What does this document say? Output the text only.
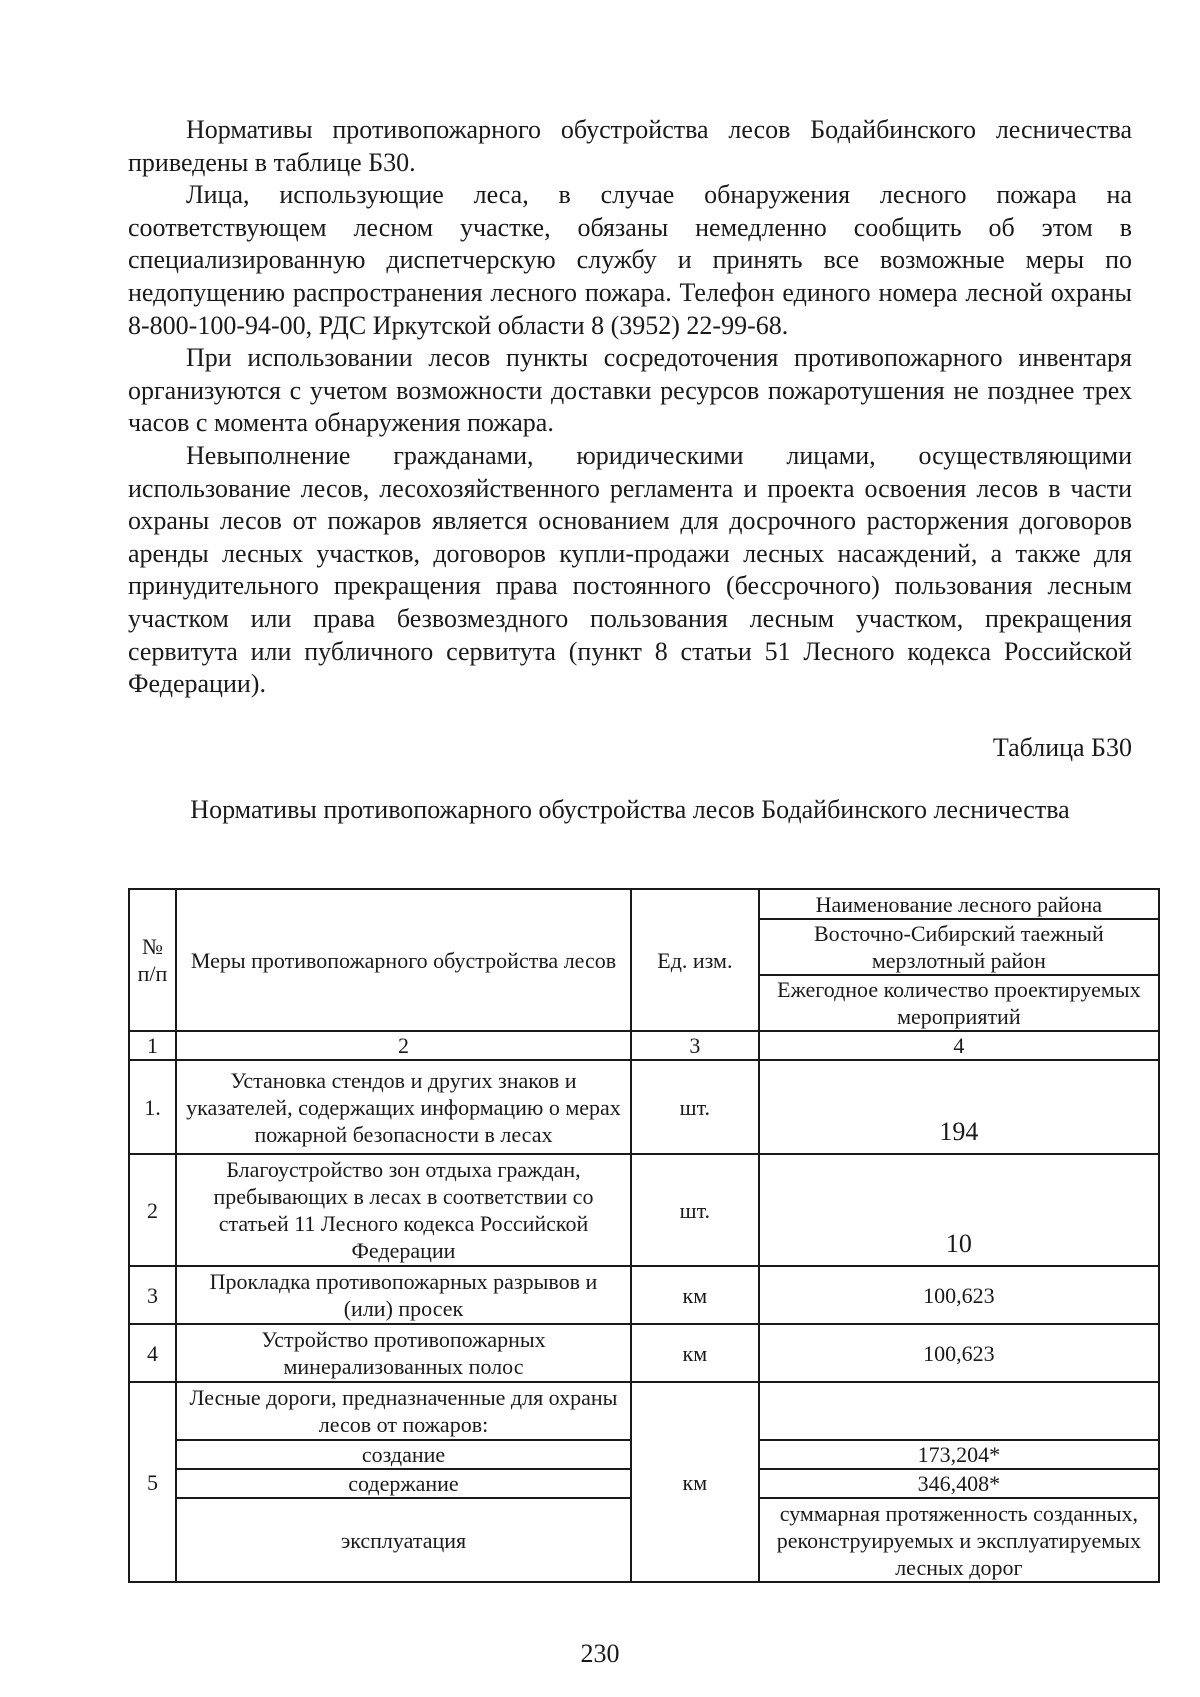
Нормативы противопожарного обустройства лесов Бодайбинского лесничества приведены в таблице Б30.

Лица, использующие леса, в случае обнаружения лесного пожара на соответствующем лесном участке, обязаны немедленно сообщить об этом в специализированную диспетчерскую службу и принять все возможные меры по недопущению распространения лесного пожара. Телефон единого номера лесной охраны 8-800-100-94-00, РДС Иркутской области 8 (3952) 22-99-68.

При использовании лесов пункты сосредоточения противопожарного инвентаря организуются с учетом возможности доставки ресурсов пожаротушения не позднее трех часов с момента обнаружения пожара.

Невыполнение гражданами, юридическими лицами, осуществляющими использование лесов, лесохозяйственного регламента и проекта освоения лесов в части охраны лесов от пожаров является основанием для досрочного расторжения договоров аренды лесных участков, договоров купли-продажи лесных насаждений, а также для принудительного прекращения права постоянного (бессрочного) пользования лесным участком или права безвозмездного пользования лесным участком, прекращения сервитута или публичного сервитута (пункт 8 статьи 51 Лесного кодекса Российской Федерации).

Таблица Б30
Нормативы противопожарного обустройства лесов Бодайбинского лесничества
№ п/п	Меры противопожарного обустройства лесов	Ед. изм.	Наименование лесного района
			Восточно-Сибирский таежный мерзлотный район
			Ежегодное количество проектируемых мероприятий
1	2	3	4
1.	Установка стендов и других знаков и указателей, содержащих информацию о мерах пожарной безопасности в лесах	шт.	194
2	Благоустройство зон отдыха граждан, пребывающих в лесах в соответствии со статьей 11 Лесного кодекса Российской Федерации	шт.	10
3	Прокладка противопожарных разрывов и (или) просек	км	100,623
4	Устройство противопожарных минерализованных полос	км	100,623
5	Лесные дороги, предназначенные для охраны лесов от пожаров:	км	
	создание		173,204*
	содержание		346,408*
	эксплуатация		суммарная протяженность созданных, реконструируемых и эксплуатируемых лесных дорог
230
